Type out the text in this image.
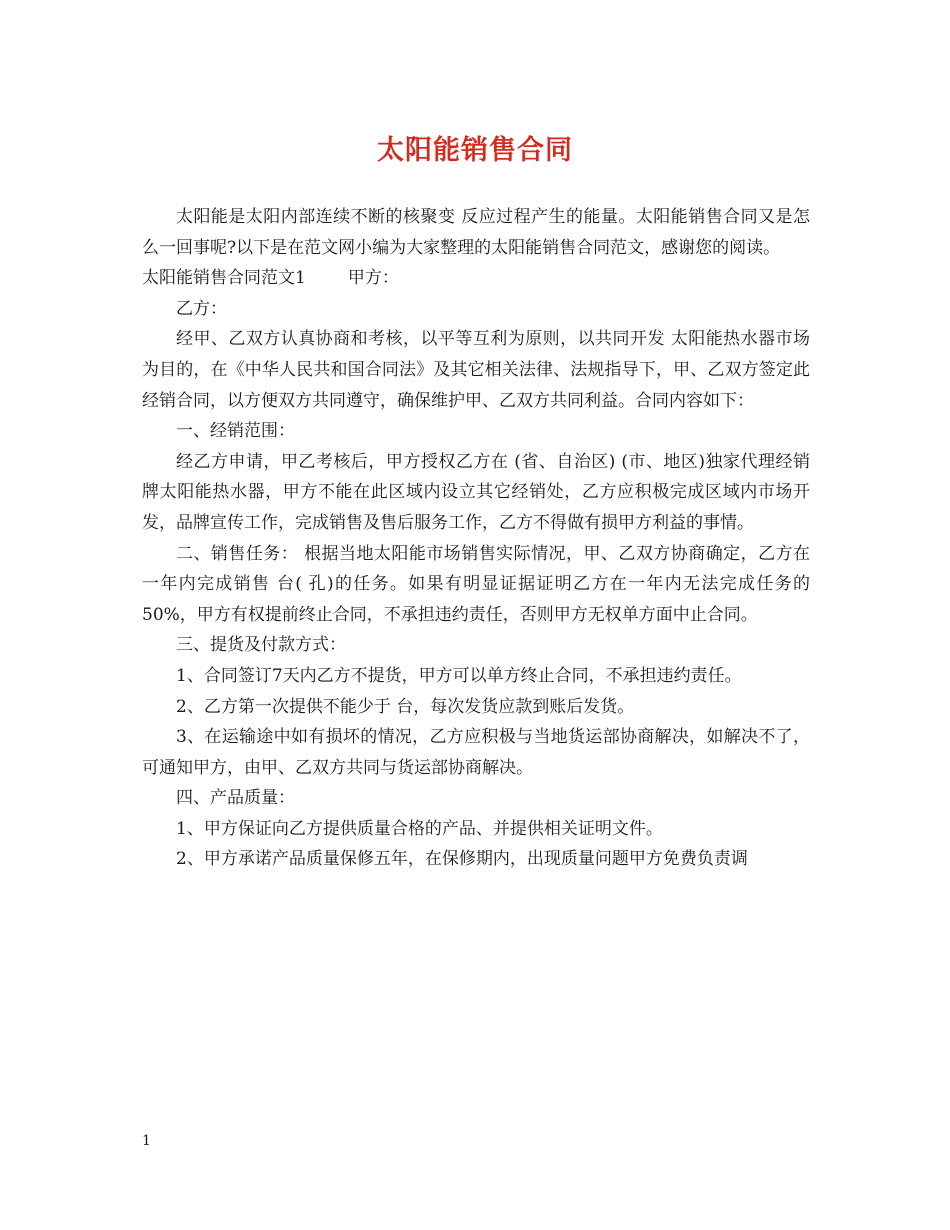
太阳能销售合同

太阳能是太阳内部连续不断的核聚变 反应过程产生的能量。太阳能销售合同又是怎么一回事呢?以下是在范文网小编为大家整理的太阳能销售合同范文，感谢您的阅读。

太阳能销售合同范文1 甲方：

乙方：

经甲、乙双方认真协商和考核，以平等互利为原则，以共同开发 太阳能热水器市场为目的，在《中华人民共和国合同法》及其它相关法律、法规指导下，甲、乙双方签定此经销合同，以方便双方共同遵守，确保维护甲、乙双方共同利益。合同内容如下：

一、经销范围：

经乙方申请，甲乙考核后，甲方授权乙方在 (省、自治区) (市、地区)独家代理经销 牌太阳能热水器，甲方不能在此区域内设立其它经销处，乙方应积极完成区域内市场开发，品牌宣传工作，完成销售及售后服务工作，乙方不得做有损甲方利益的事情。

二、销售任务： 根据当地太阳能市场销售实际情况，甲、乙双方协商确定，乙方在一年内完成销售 台( 孔)的任务。如果有明显证据证明乙方在一年内无法完成任务的50%，甲方有权提前终止合同，不承担违约责任，否则甲方无权单方面中止合同。

三、提货及付款方式：

1、合同签订7天内乙方不提货，甲方可以单方终止合同，不承担违约责任。

2、乙方第一次提供不能少于 台，每次发货应款到账后发货。

3、在运输途中如有损坏的情况，乙方应积极与当地货运部协商解决，如解决不了，可通知甲方，由甲、乙双方共同与货运部协商解决。

四、产品质量：

1、甲方保证向乙方提供质量合格的产品、并提供相关证明文件。

2、甲方承诺产品质量保修五年，在保修期内，出现质量问题甲方免费负责调

1
